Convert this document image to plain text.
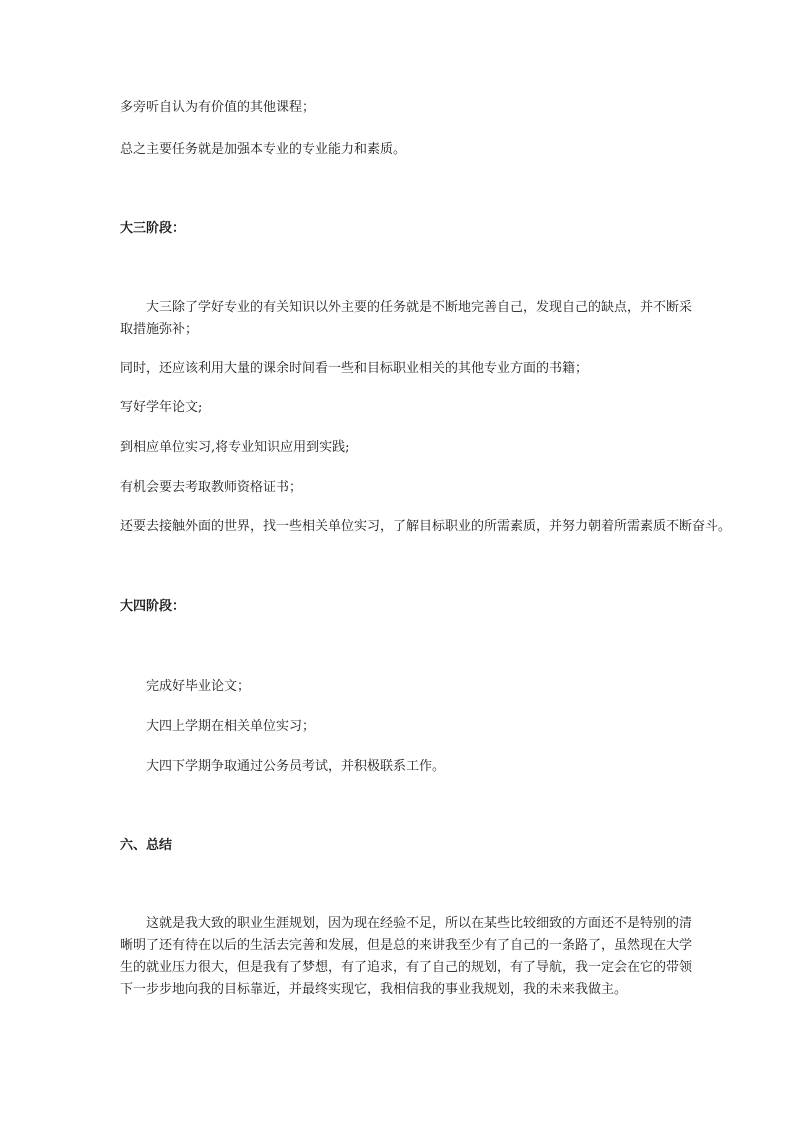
多旁听自认为有价值的其他课程；
总之主要任务就是加强本专业的专业能力和素质。
大三阶段：
大三除了学好专业的有关知识以外主要的任务就是不断地完善自己，发现自己的缺点，并不断采取措施弥补；
同时，还应该利用大量的课余时间看一些和目标职业相关的其他专业方面的书籍；
写好学年论文;
到相应单位实习,将专业知识应用到实践;
有机会要去考取教师资格证书；
还要去接触外面的世界，找一些相关单位实习，了解目标职业的所需素质，并努力朝着所需素质不断奋斗。
大四阶段：
完成好毕业论文；
大四上学期在相关单位实习；
大四下学期争取通过公务员考试，并积极联系工作。
六、总结
这就是我大致的职业生涯规划，因为现在经验不足，所以在某些比较细致的方面还不是特别的清晰明了还有待在以后的生活去完善和发展，但是总的来讲我至少有了自己的一条路了，虽然现在大学生的就业压力很大，但是我有了梦想，有了追求，有了自己的规划，有了导航，我一定会在它的带领下一步步地向我的目标靠近，并最终实现它，我相信我的事业我规划，我的未来我做主。
